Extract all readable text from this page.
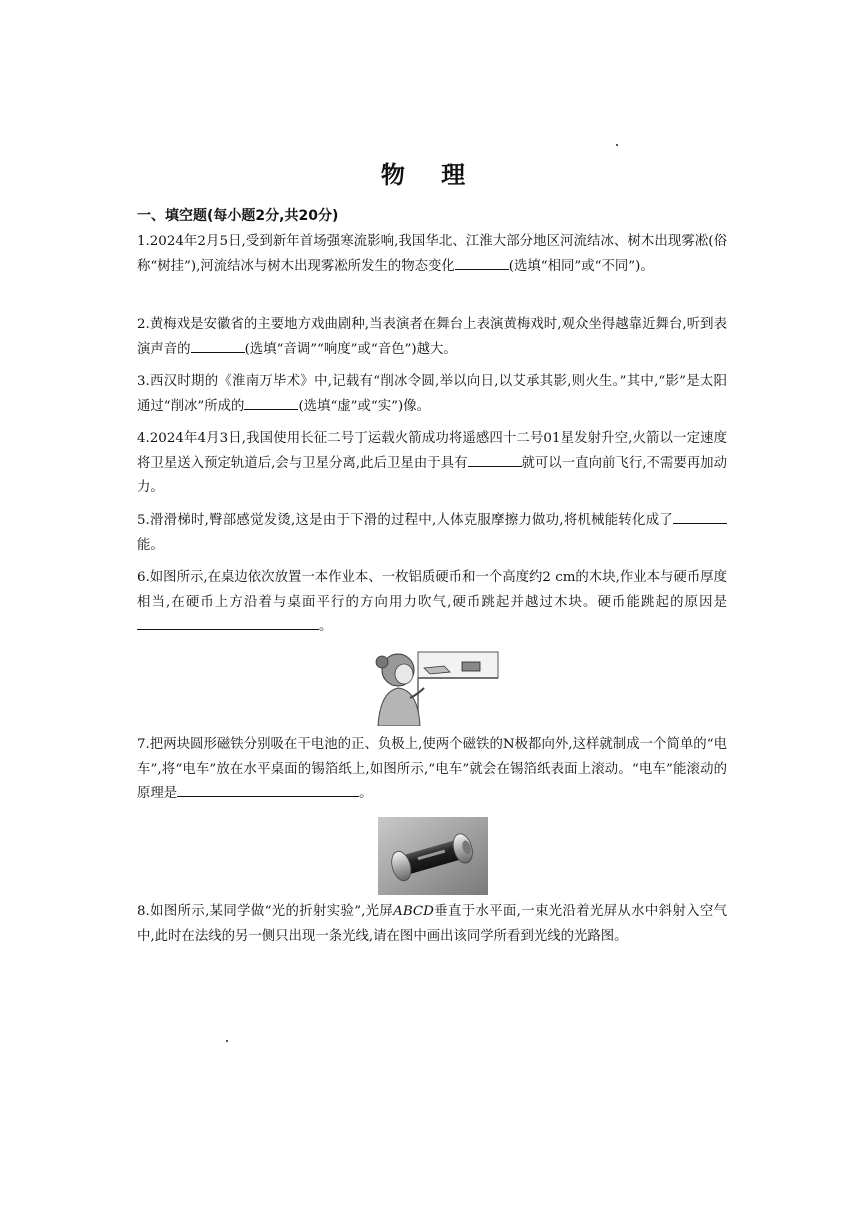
物 理
一、填空题(每小题2分,共20分)
1.2024年2月5日,受到新年首场强寒流影响,我国华北、江淮大部分地区河流结冰、树木出现雾凇(俗称“树挂”),河流结冰与树木出现雾凇所发生的物态变化	(选填“相同”或“不同”)。
2.黄梅戏是安徽省的主要地方戏曲剧种,当表演者在舞台上表演黄梅戏时,观众坐得越靠近舞台,听到表演声音的	(选填“音调”“响度”或“音色”)越大。
3.西汉时期的《淮南万毕术》中,记载有“削冰令圆,举以向日,以艾承其影,则火生。”其中,“影”是太阳通过“削冰”所成的	(选填“虚”或“实”)像。
4.2024年4月3日,我国使用长征二号丁运载火箭成功将遥感四十二号01星发射升空,火箭以一定速度将卫星送入预定轨道后,会与卫星分离,此后卫星由于具有	就可以一直向前飞行,不需要再加动力。
5.滑滑梯时,臀部感觉发烫,这是由于下滑的过程中,人体克服摩擦力做功,将机械能转化成了能。
6.如图所示,在桌边依次放置一本作业本、一枚铝质硬币和一个高度约2 cm的木块,作业本与硬币厚度相当,在硬币上方沿着与桌面平行的方向用力吹气,硬币跳起并越过木块。硬币能跳起的原因是。
7.把两块圆形磁铁分别吸在干电池的正、负极上,使两个磁铁的N极都向外,这样就制成一个简单的“电车”,将“电车”放在水平桌面的锡箔纸上,如图所示,“电车”就会在锡箔纸表面上滚动。“电车”能滚动的原理是	。
8.如图所示,某同学做“光的折射实验”,光屏ABCD垂直于水平面,一束光沿着光屏从水中斜射入空气中,此时在法线的另一侧只出现一条光线,请在图中画出该同学所看到光线的光路图。
